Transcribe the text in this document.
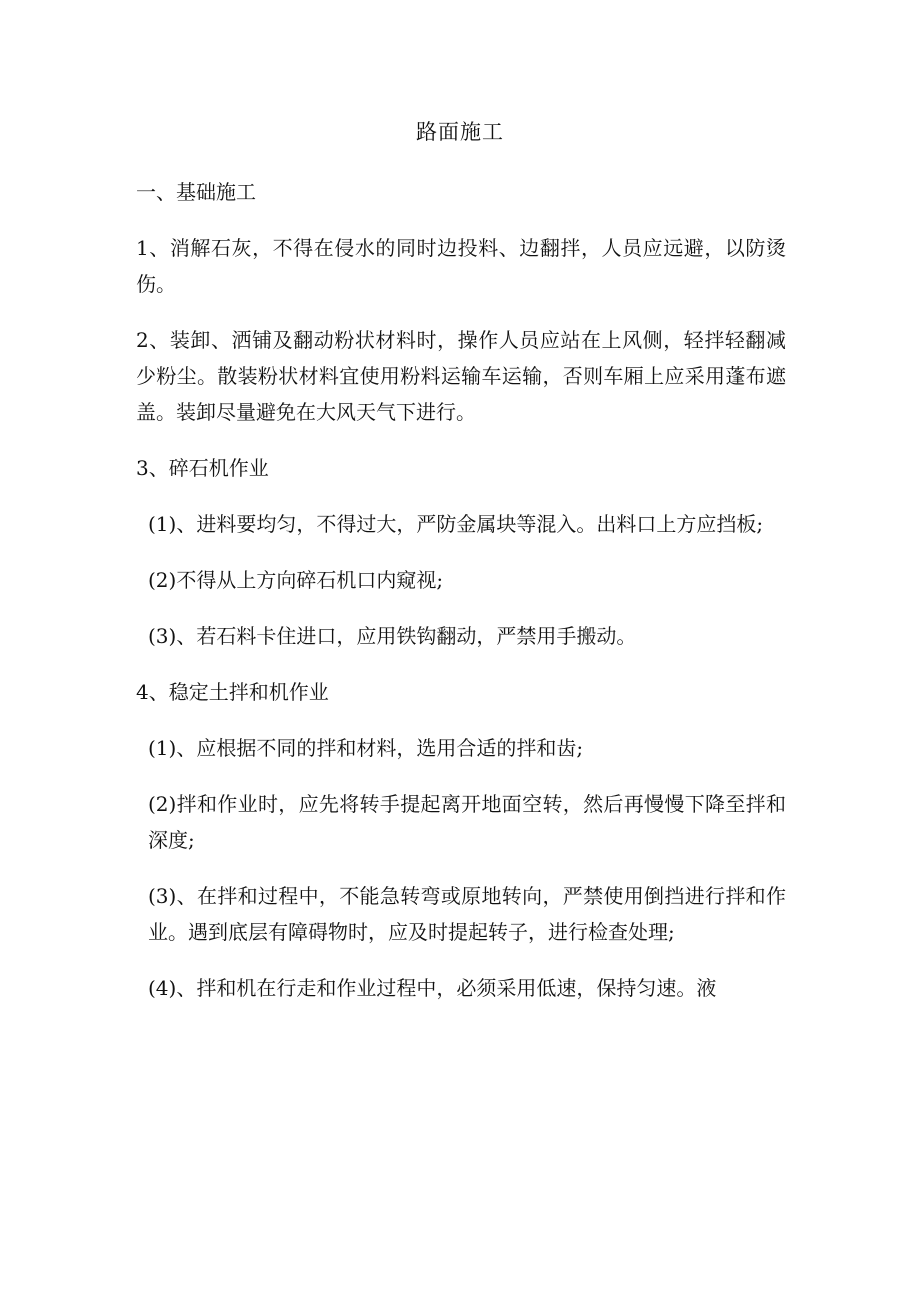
路面施工
一、基础施工

1、消解石灰，不得在侵水的同时边投料、边翻拌，人员应远避，以防烫伤。

2、装卸、洒铺及翻动粉状材料时，操作人员应站在上风侧，轻拌轻翻减少粉尘。散装粉状材料宜使用粉料运输车运输，否则车厢上应采用蓬布遮盖。装卸尽量避免在大风天气下进行。

3、碎石机作业

(1)、进料要均匀，不得过大，严防金属块等混入。出料口上方应挡板;

(2)不得从上方向碎石机口内窥视;

(3)、若石料卡住进口，应用铁钩翻动，严禁用手搬动。

4、稳定土拌和机作业

(1)、应根据不同的拌和材料，选用合适的拌和齿;

(2)拌和作业时，应先将转手提起离开地面空转，然后再慢慢下降至拌和深度;

(3)、在拌和过程中，不能急转弯或原地转向，严禁使用倒挡进行拌和作业。遇到底层有障碍物时，应及时提起转子，进行检查处理;

(4)、拌和机在行走和作业过程中，必须采用低速，保持匀速。液
